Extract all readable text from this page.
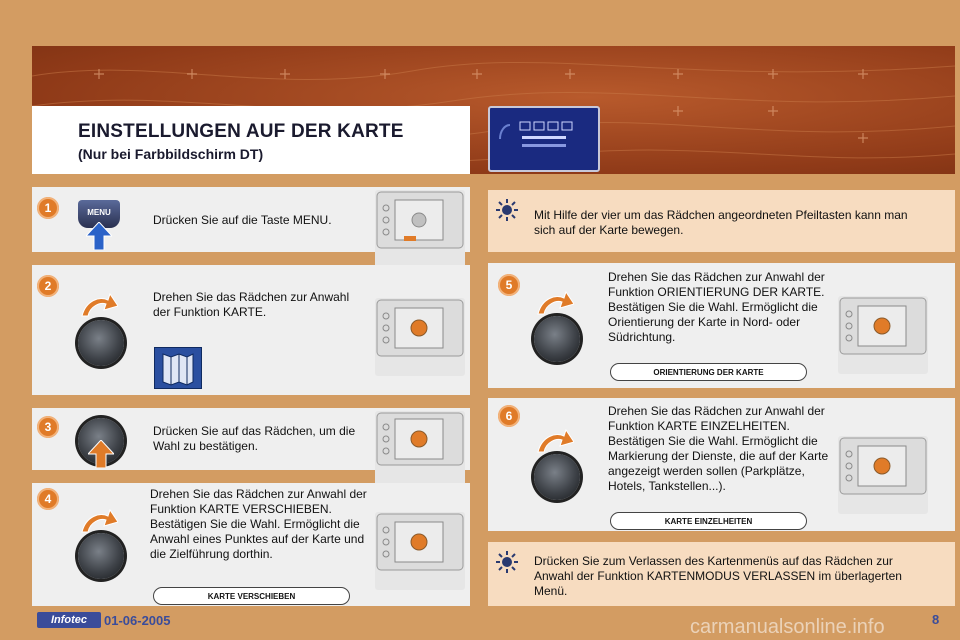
EINSTELLUNGEN AUF DER KARTE
(Nur bei Farbbildschirm DT)
1	MENU
Drücken Sie auf die Taste MENU.
2
Drehen Sie das Rädchen zur Anwahl der Funktion KARTE.
3	Drücken Sie auf das Rädchen, um die Wahl zu bestätigen.
4	Drehen Sie das Rädchen zur Anwahl der Funktion KARTE VERSCHIEBEN. Bestätigen Sie die Wahl. Ermöglicht die Anwahl eines Punktes auf der Karte und die Zielführung dorthin.
KARTE VERSCHIEBEN
Mit Hilfe der vier um das Rädchen angeordneten Pfeiltasten kann man sich auf der Karte bewegen.
5
Drehen Sie das Rädchen zur Anwahl der Funktion ORIENTIERUNG DER KARTE. Bestätigen Sie die Wahl. Ermöglicht die Orientierung der Karte in Nord- oder Südrichtung.
ORIENTIERUNG DER KARTE
6	Drehen Sie das Rädchen zur Anwahl der Funktion KARTE EINZELHEITEN. Bestätigen Sie die Wahl. Ermöglicht die Markierung der Dienste, die auf der Karte angezeigt werden sollen (Parkplätze, Hotels, Tankstellen...).
KARTE EINZELHEITEN
Drücken Sie zum Verlassen des Kartenmenüs auf das Rädchen zur Anwahl der Funktion KARTENMODUS VERLASSEN im überlagerten Menü.
Infotec	01-06-2005	carmanualsonline.info	8
